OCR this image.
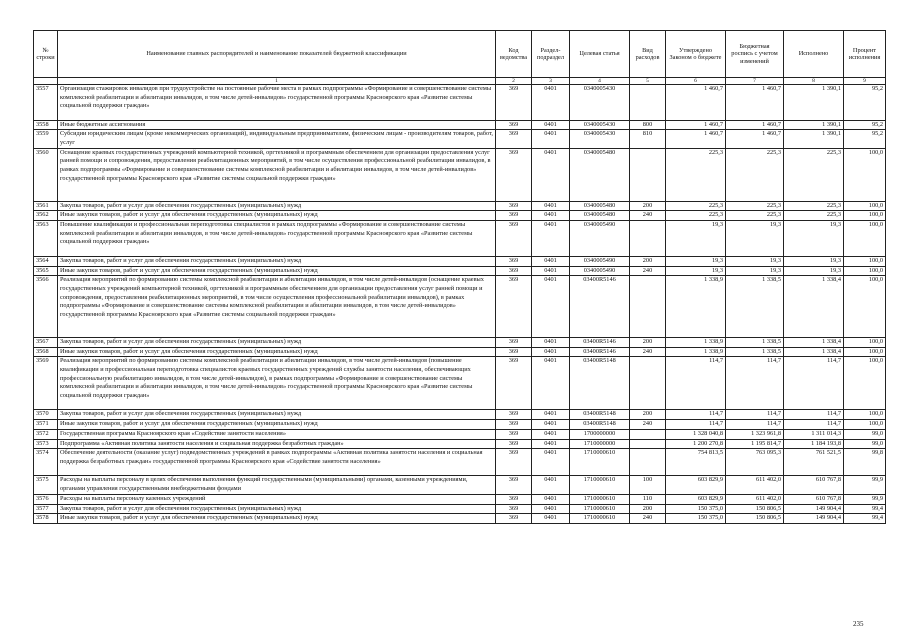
№ строки	Наименование главных распорядителей и наименование показателей бюджетной классификации	Код ведомства	Раздел-подраздел	Целевая статья	Вид расходов	Утверждено Законом о бюджете	Бюджетная роспись с учетом изменений	Исполнено	Процент исполнения
	1	2	3	4	5	6	7	8	9
3557	Организация стажировок инвалидов при трудоустройстве на постоянные рабочие места в рамках подпрограммы «Формирование и совершенствование системы комплексной реабилитации и абилитации инвалидов, в том числе детей-инвалидов» государственной программы Красноярского края «Развитие системы социальной поддержки граждан»	369	0401	0340005430		1 460,7	1 460,7	1 390,1	95,2
3558	Иные бюджетные ассигнования	369	0401	0340005430	800	1 460,7	1 460,7	1 390,1	95,2
3559	Субсидии юридическим лицам (кроме некоммерческих организаций), индивидуальным предпринимателям, физическим лицам - производителям товаров, работ, услуг	369	0401	0340005430	810	1 460,7	1 460,7	1 390,1	95,2
3560	Оснащение краевых государственных учреждений компьютерной техникой, оргтехникой и программным обеспечением для организации предоставления услуг ранней помощи и сопровождения, предоставления реабилитационных мероприятий, в том числе осуществления профессиональной реабилитации инвалидов, в рамках подпрограммы «Формирование и совершенствование системы комплексной реабилитации и абилитации инвалидов, в том числе детей-инвалидов» государственной программы Красноярского края «Развитие системы социальной поддержки граждан»	369	0401	0340005480		225,3	225,3	225,3	100,0
3561	Закупка товаров, работ и услуг для обеспечения государственных (муниципальных) нужд	369	0401	0340005480	200	225,3	225,3	225,3	100,0
3562	Иные закупки товаров, работ и услуг для обеспечения государственных (муниципальных) нужд	369	0401	0340005480	240	225,3	225,3	225,3	100,0
3563	Повышение квалификации и профессиональная переподготовка специалистов в рамках подпрограммы «Формирование и совершенствование системы комплексной реабилитации и абилитации инвалидов, в том числе детей-инвалидов» государственной программы Красноярского края «Развитие системы социальной поддержки граждан»	369	0401	0340005490		19,3	19,3	19,3	100,0
3564	Закупка товаров, работ и услуг для обеспечения государственных (муниципальных) нужд	369	0401	0340005490	200	19,3	19,3	19,3	100,0
3565	Иные закупки товаров, работ и услуг для обеспечения государственных (муниципальных) нужд	369	0401	0340005490	240	19,3	19,3	19,3	100,0
3566	Реализация мероприятий по формированию системы комплексной реабилитации и абилитации инвалидов, в том числе детей-инвалидов (оснащение краевых государственных учреждений компьютерной техникой, оргтехникой и программным обеспечением для организации предоставления услуг ранней помощи и сопровождения, предоставления реабилитационных мероприятий, в том числе осуществления профессиональной реабилитации инвалидов), в рамках подпрограммы «Формирование и совершенствование системы комплексной реабилитации и абилитации инвалидов, в том числе детей-инвалидов» государственной программы Красноярского края «Развитие системы социальной поддержки граждан»	369	0401	03400R5146		1 338,9	1 338,5	1 338,4	100,0
3567	Закупка товаров, работ и услуг для обеспечения государственных (муниципальных) нужд	369	0401	03400R5146	200	1 338,9	1 338,5	1 338,4	100,0
3568	Иные закупки товаров, работ и услуг для обеспечения государственных (муниципальных) нужд	369	0401	03400R5146	240	1 338,9	1 338,5	1 338,4	100,0
3569	Реализация мероприятий по формированию системы комплексной реабилитации и абилитации инвалидов, в том числе детей-инвалидов (повышение квалификации и профессиональная переподготовка специалистов краевых государственных учреждений службы занятости населения, обеспечивающих профессиональную реабилитацию инвалидов, в том числе детей-инвалидов), в рамках подпрограммы «Формирование и совершенствование системы комплексной реабилитации и абилитации инвалидов, в том числе детей-инвалидов» государственной программы Красноярского края «Развитие системы социальной поддержки граждан»	369	0401	03400R5148		114,7	114,7	114,7	100,0
3570	Закупка товаров, работ и услуг для обеспечения государственных (муниципальных) нужд	369	0401	03400R5148	200	114,7	114,7	114,7	100,0
3571	Иные закупки товаров, работ и услуг для обеспечения государственных (муниципальных) нужд	369	0401	03400R5148	240	114,7	114,7	114,7	100,0
3572	Государственная программа Красноярского края «Содействие занятости населения»	369	0401	1700000000		1 328 040,8	1 323 961,8	1 311 014,3	99,0
3573	Подпрограмма «Активная политика занятости населения и социальная поддержка безработных граждан»	369	0401	1710000000		1 200 270,8	1 195 814,7	1 184 193,8	99,0
3574	Обеспечение деятельности (оказание услуг) подведомственных учреждений в рамках подпрограммы «Активная политика занятости населения и социальная поддержка безработных граждан» государственной программы Красноярского края «Содействие занятости населения»	369	0401	1710000610		754 813,5	763 095,3	761 521,5	99,8
3575	Расходы на выплаты персоналу в целях обеспечения выполнения функций государственными (муниципальными) органами, казенными учреждениями, органами управления государственными внебюджетными фондами	369	0401	1710000610	100	603 829,9	611 402,0	610 767,8	99,9
3576	Расходы на выплаты персоналу казенных учреждений	369	0401	1710000610	110	603 829,9	611 402,0	610 767,8	99,9
3577	Закупка товаров, работ и услуг для обеспечения государственных (муниципальных) нужд	369	0401	1710000610	200	150 375,0	150 806,5	149 904,4	99,4
3578	Иные закупки товаров, работ и услуг для обеспечения государственных (муниципальных) нужд	369	0401	1710000610	240	150 375,0	150 806,5	149 904,4	99,4
235
